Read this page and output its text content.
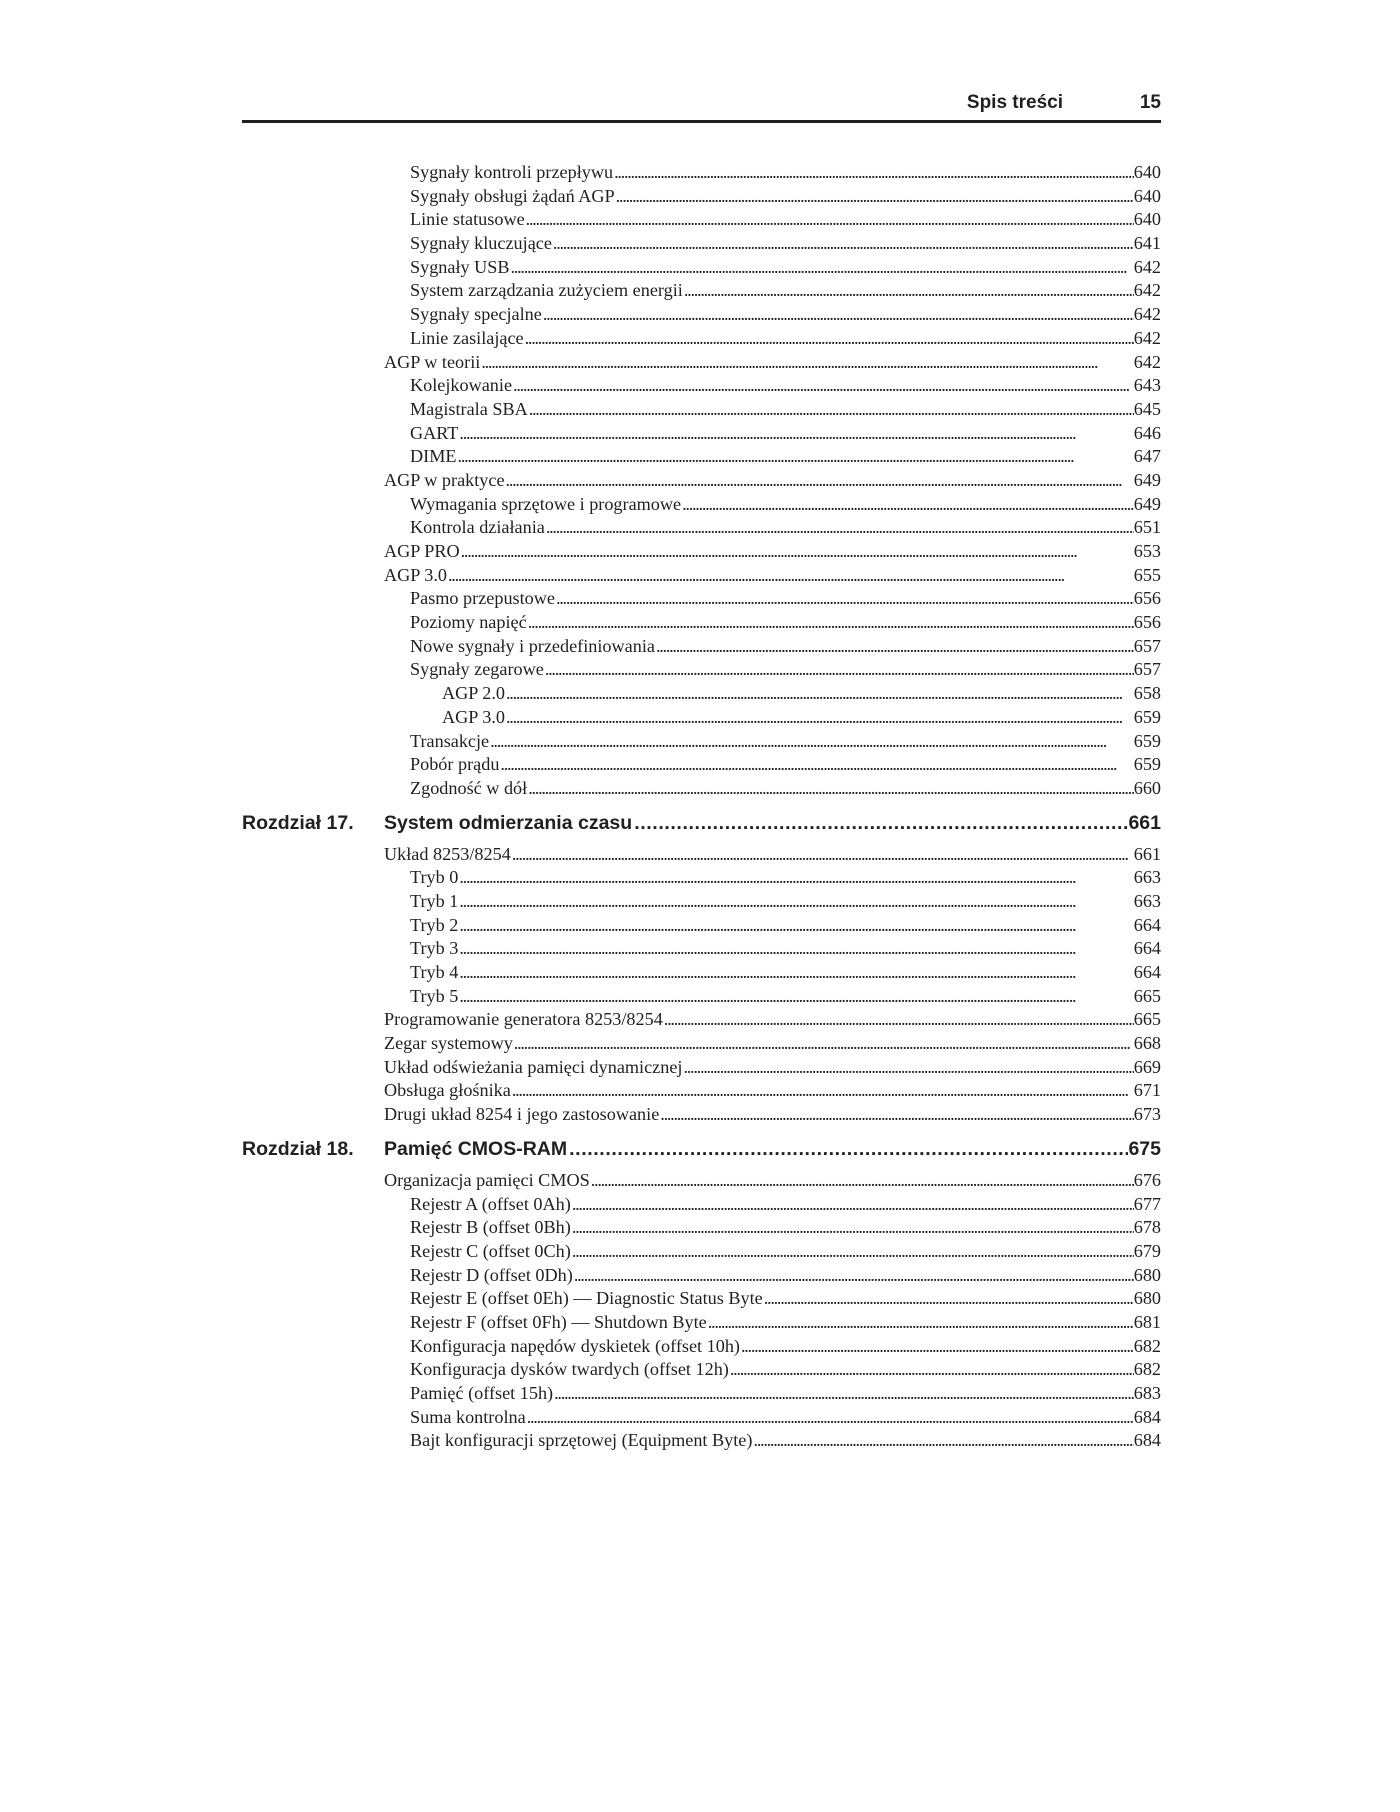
Spis treści	15
Sygnały kontroli przepływu . . .	640
Sygnały obsługi żądań AGP . . .	640
Linie statusowe . . .	640
Sygnały kluczujące . . .	641
Sygnały USB . . .	642
System zarządzania zużyciem energii . . .	642
Sygnały specjalne . . .	642
Linie zasilające . . .	642
AGP w teorii . . .	642
Kolejkowanie . . .	643
Magistrala SBA . . .	645
GART . . .	646
DIME . . .	647
AGP w praktyce . . .	649
Wymagania sprzętowe i programowe . . .	649
Kontrola działania . . .	651
AGP PRO . . .	653
AGP 3.0 . . .	655
Pasmo przepustowe . . .	656
Poziomy napięć . . .	656
Nowe sygnały i przedefiniowania . . .	657
Sygnały zegarowe . . .	657
AGP 2.0 . . .	658
AGP 3.0 . . .	659
Transakcje . . .	659
Pobór prądu . . .	659
Zgodność w dół . . .	660
Rozdział 17.	System odmierzania czasu . . .	661
Układ 8253/8254 . . .	661
Tryb 0 . . .	663
Tryb 1 . . .	663
Tryb 2 . . .	664
Tryb 3 . . .	664
Tryb 4 . . .	664
Tryb 5 . . .	665
Programowanie generatora 8253/8254 . . .	665
Zegar systemowy . . .	668
Układ odświeżania pamięci dynamicznej . . .	669
Obsługa głośnika . . .	671
Drugi układ 8254 i jego zastosowanie . . .	673
Rozdział 18.	Pamięć CMOS-RAM . . .	675
Organizacja pamięci CMOS . . .	676
Rejestr A (offset 0Ah) . . .	677
Rejestr B (offset 0Bh) . . .	678
Rejestr C (offset 0Ch) . . .	679
Rejestr D (offset 0Dh) . . .	680
Rejestr E (offset 0Eh) — Diagnostic Status Byte . . .	680
Rejestr F (offset 0Fh) — Shutdown Byte . . .	681
Konfiguracja napędów dyskietek (offset 10h) . . .	682
Konfiguracja dysków twardych (offset 12h) . . .	682
Pamięć (offset 15h) . . .	683
Suma kontrolna . . .	684
Bajt konfiguracji sprzętowej (Equipment Byte) . . .	684
